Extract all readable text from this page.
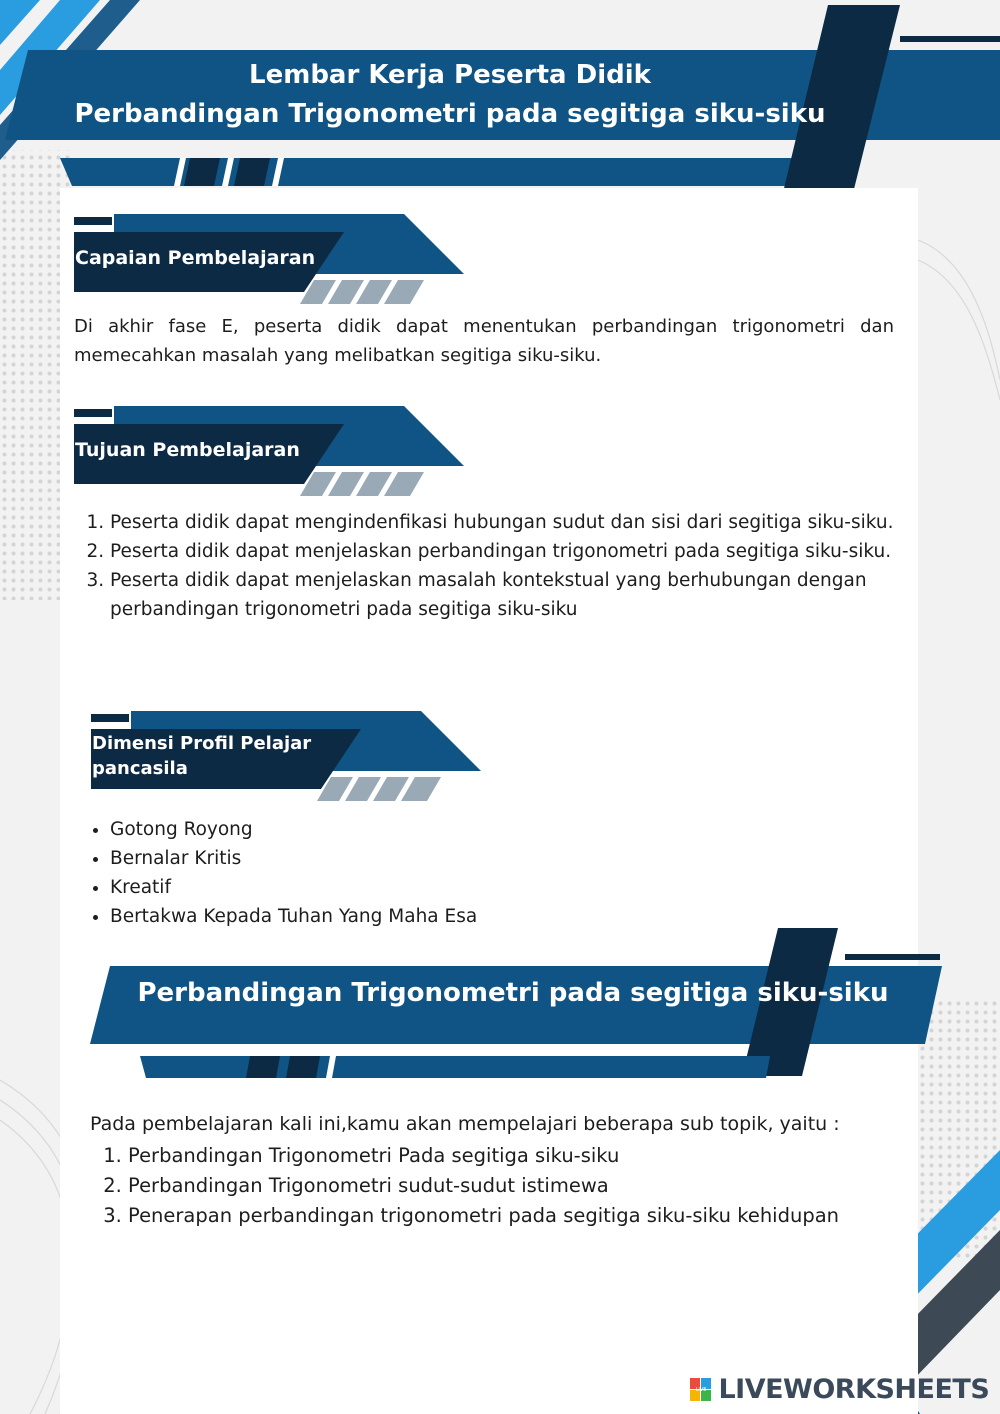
Lembar Kerja Peserta Didik
Perbandingan Trigonometri pada segitiga siku-siku
Capaian Pembelajaran
Di akhir fase E, peserta didik dapat menentukan perbandingan trigonometri dan memecahkan masalah yang melibatkan segitiga siku-siku.
Tujuan Pembelajaran
1. Peserta didik dapat mengindenfikasi hubungan sudut dan sisi dari segitiga siku-siku.
2. Peserta didik dapat menjelaskan perbandingan trigonometri pada segitiga siku-siku.
3. Peserta didik dapat menjelaskan masalah kontekstual yang berhubungan dengan perbandingan trigonometri pada segitiga siku-siku
Dimensi Profil Pelajar
pancasila
• Gotong Royong
• Bernalar Kritis
• Kreatif
• Bertakwa Kepada Tuhan Yang Maha Esa
Perbandingan Trigonometri pada segitiga siku-siku
Pada pembelajaran kali ini,kamu akan mempelajari beberapa sub topik, yaitu :
1. Perbandingan Trigonometri Pada segitiga siku-siku
2. Perbandingan Trigonometri sudut-sudut istimewa
3. Penerapan perbandingan trigonometri pada segitiga siku-siku kehidupan
LIVE LIVEWORKSHEETS
